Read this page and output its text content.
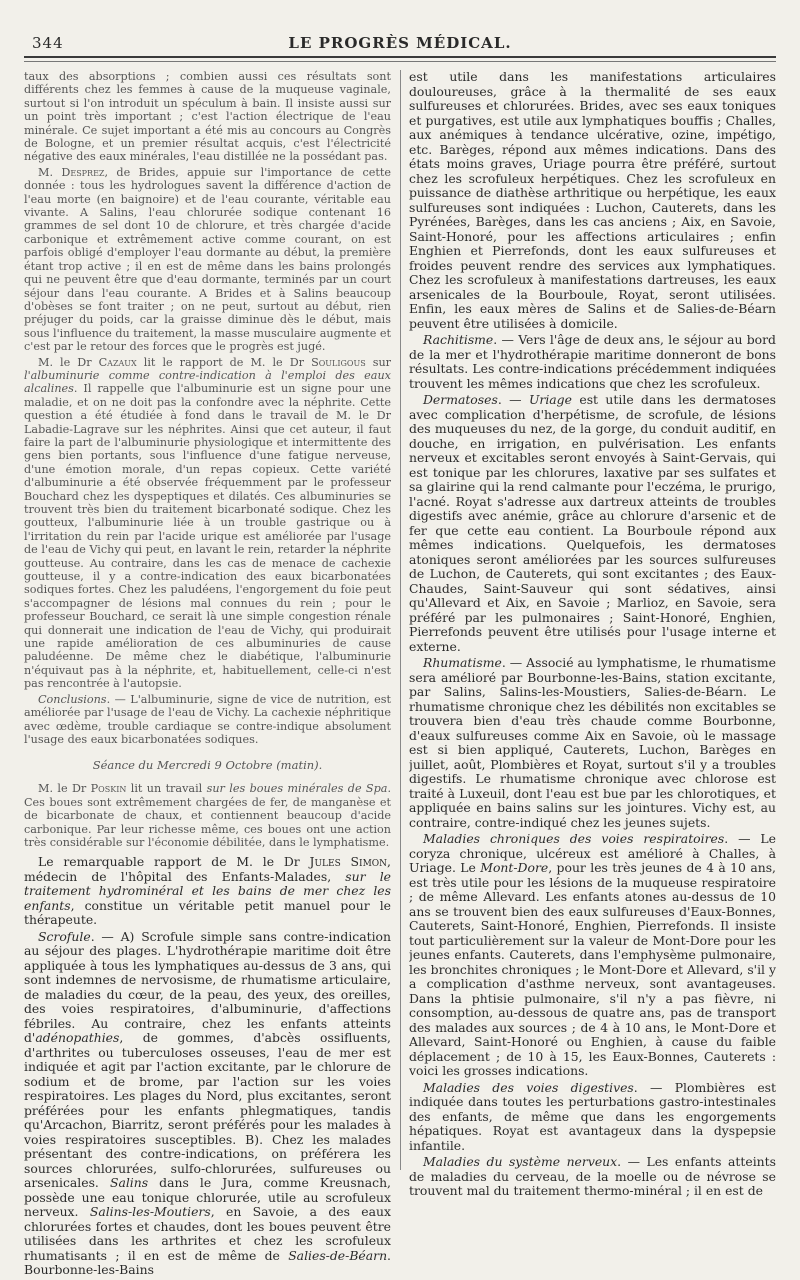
344	LE PROGRÈS MÉDICAL.

taux des absorptions ; combien aussi ces résultats sont différents chez les femmes à cause de la muqueuse vaginale, surtout si l'on introduit un spéculum à bain. Il insiste aussi sur un point très important ; c'est l'action électrique de l'eau minérale. Ce sujet important a été mis au concours au Congrès de Bologne, et un premier résultat acquis, c'est l'électricité négative des eaux minérales, l'eau distillée ne la possédant pas.

M. Desprez, de Brides, appuie sur l'importance de cette donnée : tous les hydrologues savent la différence d'action de l'eau morte (en baignoire) et de l'eau courante, véritable eau vivante. A Salins, l'eau chlorurée sodique contenant 16 grammes de sel dont 10 de chlorure, et très chargée d'acide carbonique et extrêmement active comme courant, on est parfois obligé d'employer l'eau dormante au début, la première étant trop active ; il en est de même dans les bains prolongés qui ne peuvent être que d'eau dormante, terminés par un court séjour dans l'eau courante. A Brides et à Salins beaucoup d'obèses se font traiter ; on ne peut, surtout au début, rien préjuger du poids, car la graisse diminue dès le début, mais sous l'influence du traitement, la masse musculaire augmente et c'est par le retour des forces que le progrès est jugé.

M. le Dr Cazaux lit le rapport de M. le Dr Souligous sur l'albuminurie comme contre-indication à l'emploi des eaux alcalines. Il rappelle que l'albuminurie est un signe pour une maladie, et on ne doit pas la confondre avec la néphrite. Cette question a été étudiée à fond dans le travail de M. le Dr Labadie-Lagrave sur les néphrites. Ainsi que cet auteur, il faut faire la part de l'albuminurie physiologique et intermittente des gens bien portants, sous l'influence d'une fatigue nerveuse, d'une émotion morale, d'un repas copieux. Cette variété d'albuminurie a été observée fréquemment par le professeur Bouchard chez les dyspeptiques et dilatés. Ces albuminuries se trouvent très bien du traitement bicarbonaté sodique. Chez les goutteux, l'albuminurie liée à un trouble gastrique ou à l'irritation du rein par l'acide urique est améliorée par l'usage de l'eau de Vichy qui peut, en lavant le rein, retarder la néphrite goutteuse. Au contraire, dans les cas de menace de cachexie goutteuse, il y a contre-indication des eaux bicarbonatées sodiques fortes. Chez les paludéens, l'engorgement du foie peut s'accompagner de lésions mal connues du rein ; pour le professeur Bouchard, ce serait là une simple congestion rénale qui donnerait une indication de l'eau de Vichy, qui produirait une rapide amélioration de ces albuminuries de cause paludéenne. De même chez le diabétique, l'albuminurie n'équivaut pas à la néphrite, et, habituellement, celle-ci n'est pas rencontrée à l'autopsie.

Conclusions. — L'albuminurie, signe de vice de nutrition, est améliorée par l'usage de l'eau de Vichy. La cachexie néphritique avec œdème, trouble cardiaque se contre-indique absolument l'usage des eaux bicarbonatées sodiques.

Séance du Mercredi 9 Octobre (matin).

M. le Dr Poskin lit un travail sur les boues minérales de Spa. Ces boues sont extrêmement chargées de fer, de manganèse et de bicarbonate de chaux, et contiennent beaucoup d'acide carbonique. Par leur richesse même, ces boues ont une action très considérable sur l'économie débilitée, dans le lymphatisme.

Le remarquable rapport de M. le Dr Jules Simon, médecin de l'hôpital des Enfants-Malades, sur le traitement hydrominéral et les bains de mer chez les enfants, constitue un véritable petit manuel pour le thérapeute.

Scrofule. — A) Scrofule simple sans contre-indication au séjour des plages. L'hydrothérapie maritime doit être appliquée à tous les lymphatiques au-dessus de 3 ans, qui sont indemnes de nervosisme, de rhumatisme articulaire, de maladies du cœur, de la peau, des yeux, des oreilles, des voies respiratoires, d'albuminurie, d'affections fébriles. Au contraire, chez les enfants atteints d'adénopathies, de gommes, d'abcès ossifluents, d'arthrites ou tuberculoses osseuses, l'eau de mer est indiquée et agit par l'action excitante, par le chlorure de sodium et de brome, par l'action sur les voies respiratoires. Les plages du Nord, plus excitantes, seront préférées pour les enfants phlegmatiques, tandis qu'Arcachon, Biarritz, seront préférés pour les malades à voies respiratoires susceptibles. B). Chez les malades présentant des contre-indications, on préférera les sources chlorurées, sulfo-chlorurées, sulfureuses ou arsenicales. Salins dans le Jura, comme Kreusnach, possède une eau tonique chlorurée, utile au scrofuleux nerveux. Salins-les-Moutiers, en Savoie, a des eaux chlorurées fortes et chaudes, dont les boues peuvent être utilisées dans les arthrites et chez les scrofuleux rhumatisants ; il en est de même de Salies-de-Béarn. Bourbonne-les-Bains

est utile dans les manifestations articulaires douloureuses, grâce à la thermalité de ses eaux sulfureuses et chlorurées. Brides, avec ses eaux toniques et purgatives, est utile aux lymphatiques bouffis ; Challes, aux anémiques à tendance ulcérative, ozine, impétigo, etc. Barèges, répond aux mêmes indications. Dans des états moins graves, Uriage pourra être préféré, surtout chez les scrofuleux herpétiques. Chez les scrofuleux en puissance de diathèse arthritique ou herpétique, les eaux sulfureuses sont indiquées : Luchon, Cauterets, dans les Pyrénées, Barèges, dans les cas anciens ; Aix, en Savoie, Saint-Honoré, pour les affections articulaires ; enfin Enghien et Pierrefonds, dont les eaux sulfureuses et froides peuvent rendre des services aux lymphatiques. Chez les scrofuleux à manifestations dartreuses, les eaux arsenicales de la Bourboule, Royat, seront utilisées. Enfin, les eaux mères de Salins et de Salies-de-Béarn peuvent être utilisées à domicile.

Rachitisme. — Vers l'âge de deux ans, le séjour au bord de la mer et l'hydrothérapie maritime donneront de bons résultats. Les contre-indications précédemment indiquées trouvent les mêmes indications que chez les scrofuleux.

Dermatoses. — Uriage est utile dans les dermatoses avec complication d'herpétisme, de scrofule, de lésions des muqueuses du nez, de la gorge, du conduit auditif, en douche, en irrigation, en pulvérisation. Les enfants nerveux et excitables seront envoyés à Saint-Gervais, qui est tonique par les chlorures, laxative par ses sulfates et sa glairine qui la rend calmante pour l'eczéma, le prurigo, l'acné. Royat s'adresse aux dartreux atteints de troubles digestifs avec anémie, grâce au chlorure d'arsenic et de fer que cette eau contient. La Bourboule répond aux mêmes indications. Quelquefois, les dermatoses atoniques seront améliorées par les sources sulfureuses de Luchon, de Cauterets, qui sont excitantes ; des Eaux-Chaudes, Saint-Sauveur qui sont sédatives, ainsi qu'Allevard et Aix, en Savoie ; Marlioz, en Savoie, sera préféré par les pulmonaires ; Saint-Honoré, Enghien, Pierrefonds peuvent être utilisés pour l'usage interne et externe.

Rhumatisme. — Associé au lymphatisme, le rhumatisme sera amélioré par Bourbonne-les-Bains, station excitante, par Salins, Salins-les-Moustiers, Salies-de-Béarn. Le rhumatisme chronique chez les débilités non excitables se trouvera bien d'eau très chaude comme Bourbonne, d'eaux sulfureuses comme Aix en Savoie, où le massage est si bien appliqué, Cauterets, Luchon, Barèges en juillet, août, Plombières et Royat, surtout s'il y a troubles digestifs. Le rhumatisme chronique avec chlorose est traité à Luxeuil, dont l'eau est bue par les chlorotiques, et appliquée en bains salins sur les jointures. Vichy est, au contraire, contre-indiqué chez les jeunes sujets.

Maladies chroniques des voies respiratoires. — Le coryza chronique, ulcéreux est amélioré à Challes, à Uriage. Le Mont-Dore, pour les très jeunes de 4 à 10 ans, est très utile pour les lésions de la muqueuse respiratoire ; de même Allevard. Les enfants atones au-dessus de 10 ans se trouvent bien des eaux sulfureuses d'Eaux-Bonnes, Cauterets, Saint-Honoré, Enghien, Pierrefonds. Il insiste tout particulièrement sur la valeur de Mont-Dore pour les jeunes enfants. Cauterets, dans l'emphysème pulmonaire, les bronchites chroniques ; le Mont-Dore et Allevard, s'il y a complication d'asthme nerveux, sont avantageuses. Dans la phtisie pulmonaire, s'il n'y a pas fièvre, ni consomption, au-dessous de quatre ans, pas de transport des malades aux sources ; de 4 à 10 ans, le Mont-Dore et Allevard, Saint-Honoré ou Enghien, à cause du faible déplacement ; de 10 à 15, les Eaux-Bonnes, Cauterets : voici les grosses indications.

Maladies des voies digestives. — Plombières est indiquée dans toutes les perturbations gastro-intestinales des enfants, de même que dans les engorgements hépatiques. Royat est avantageux dans la dyspepsie infantile.

Maladies du système nerveux. — Les enfants atteints de maladies du cerveau, de la moelle ou de névrose se trouvent mal du traitement thermo-minéral ; il en est de
